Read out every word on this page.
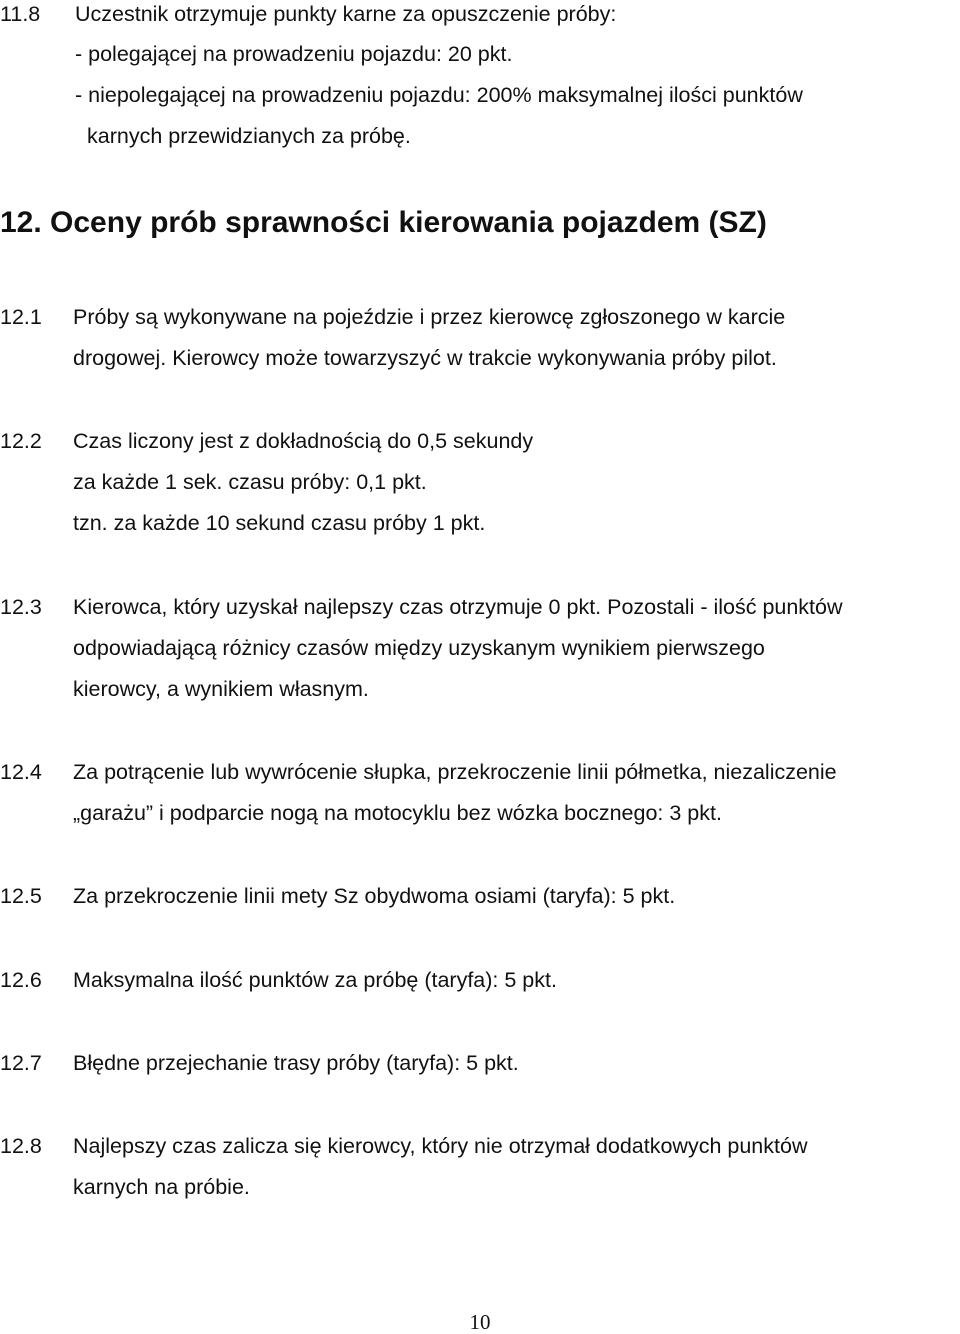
11.8 Uczestnik otrzymuje punkty karne za opuszczenie próby:
- polegającej na prowadzeniu pojazdu: 20 pkt.
- niepolegającej na prowadzeniu pojazdu: 200% maksymalnej ilości punktów
karnych przewidzianych za próbę.
12. Oceny prób sprawności kierowania pojazdem (SZ)
12.1 Próby są wykonywane na pojeździe i przez kierowcę zgłoszonego w karcie
drogowej. Kierowcy może towarzyszyć w trakcie wykonywania próby pilot.
12.2 Czas liczony jest z dokładnością do 0,5 sekundy
za każde 1 sek. czasu próby: 0,1 pkt.
tzn. za każde 10 sekund czasu próby 1 pkt.
12.3 Kierowca, który uzyskał najlepszy czas otrzymuje 0 pkt. Pozostali - ilość punktów
odpowiadającą różnicy czasów między uzyskanym wynikiem pierwszego
kierowcy, a wynikiem własnym.
12.4 Za potrącenie lub wywrócenie słupka, przekroczenie linii półmetka, niezaliczenie
„garażu” i podparcie nogą na motocyklu bez wózka bocznego: 3 pkt.
12.5 Za przekroczenie linii mety Sz obydwoma osiami (taryfa): 5 pkt.
12.6 Maksymalna ilość punktów za próbę (taryfa): 5 pkt.
12.7 Błędne przejechanie trasy próby (taryfa): 5 pkt.
12.8 Najlepszy czas zalicza się kierowcy, który nie otrzymał dodatkowych punktów
karnych na próbie.
10
